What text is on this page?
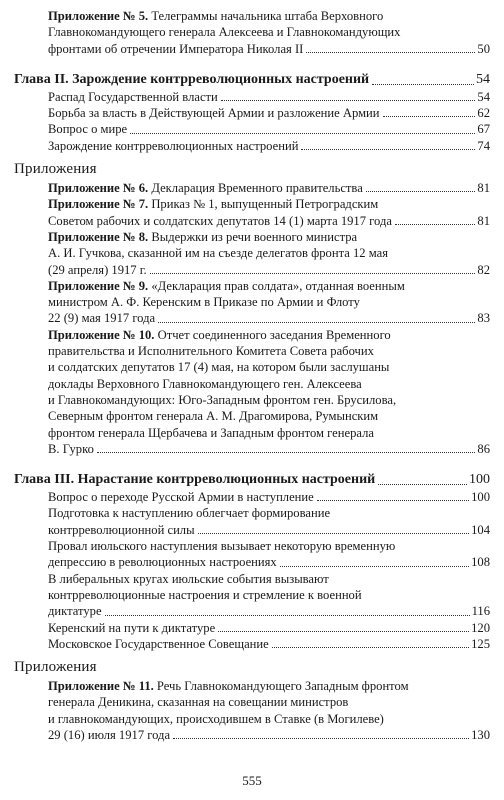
Приложение № 5. Телеграммы начальника штаба Верховного
Главнокомандующего генерала Алексеева и Главнокомандующих
фронтами об отречении Императора Николая II	50
Глава II. Зарождение контрреволюционных настроений	54
Распад Государственной власти	54
Борьба за власть в Действующей Армии и разложение Армии	62
Вопрос о мире	67
Зарождение контрреволюционных настроений	74
Приложения
Приложение № 6. Декларация Временного правительства	81
Приложение № 7. Приказ № 1, выпущенный Петроградским
Советом рабочих и солдатских депутатов 14 (1) марта 1917 года	81
Приложение № 8. Выдержки из речи военного министра
А. И. Гучкова, сказанной им на съезде делегатов фронта 12 мая
(29 апреля) 1917 г.	82
Приложение № 9. «Декларация прав солдата», отданная военным
министром А. Ф. Керенским в Приказе по Армии и Флоту
22 (9) мая 1917 года	83
Приложение № 10. Отчет соединенного заседания Временного
правительства и Исполнительного Комитета Совета рабочих
и солдатских депутатов 17 (4) мая, на котором были заслушаны
доклады Верховного Главнокомандующего ген. Алексеева
и Главнокомандующих: Юго-Западным фронтом ген. Брусилова,
Северным фронтом генерала А. М. Драгомирова, Румынским
фронтом генерала Щербачева и Западным фронтом генерала
В. Гурко	86
Глава III. Нарастание контрреволюционных настроений	100
Вопрос о переходе Русской Армии в наступление	100
Подготовка к наступлению облегчает формирование
контрреволюционной силы	104
Провал июльского наступления вызывает некоторую временную
депрессию в революционных настроениях	108
В либеральных кругах июльские события вызывают
контрреволюционные настроения и стремление к военной
диктатуре	116
Керенский на пути к диктатуре	120
Московское Государственное Совещание	125
Приложения
Приложение № 11. Речь Главнокомандующего Западным фронтом
генерала Деникина, сказанная на совещании министров
и главнокомандующих, происходившем в Ставке (в Могилеве)
29 (16) июля 1917 года	130
555
